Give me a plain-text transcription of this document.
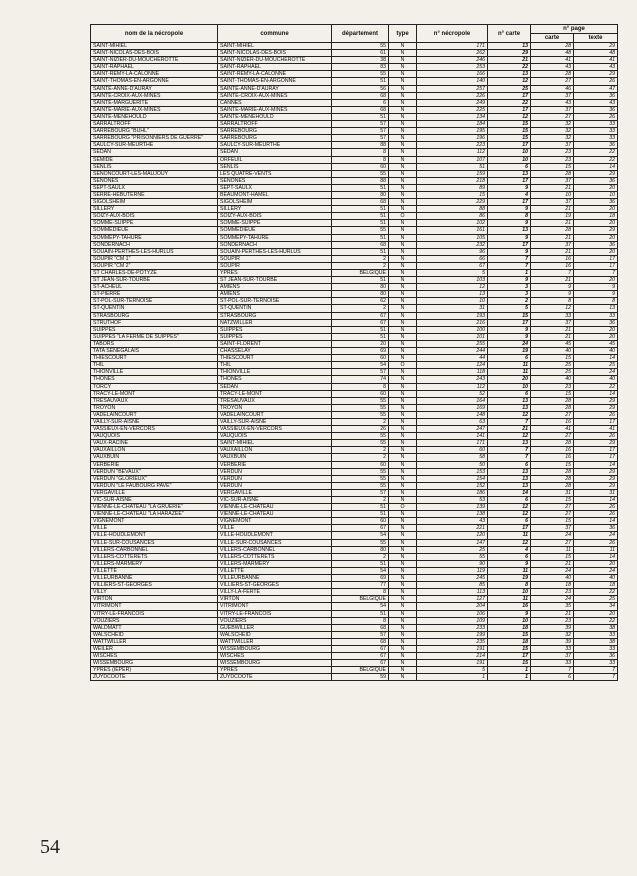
nom de la nécropole	commune	département	type	n° nécropole	n° carte	n° page	
						carte	texte
SAINT-MIHIEL	SAINT-MIHIEL	55	N	171	13	28	29
SAINT-NICOLAS-DES-BOIS	SAINT-NICOLAS-DES-BOIS	61	N	262	29	48	48
SAINT-NIZIER-DU-MOUCHEROTTE	SAINT-NIZIER-DU-MOUCHEROTTE	38	N	246	21	41	41
SAINT-RAPHAEL	SAINT-RAPHAEL	83	N	253	22	43	43
SAINT-REMY-LA-CALONNE	SAINT-REMY-LA-CALONNE	55	N	166	13	28	29
SAINT-THOMAS-EN-ARGONNE	SAINT-THOMAS-EN-ARGONNE	51	N	140	12	27	26
SAINTE-ANNE-D'AURAY	SAINTE-ANNE-D'AURAY	56	N	257	25	46	47
SAINTE-CROIX-AUX-MINES	SAINTE-CROIX-AUX-MINES	68	N	226	17	37	36
SAINTE-MARGUERITE	CANNES	6	N	249	22	43	43
SAINTE-MARIE-AUX-MINES	SAINTE-MARIE-AUX-MINES	68	N	225	17	37	36
SAINTE-MENEHOULD	SAINTE-MENEHOULD	51	N	134	12	27	26
SARRALTROFF	SARRALTROFF	57	N	184	15	32	33
SARREBOURG "BUHL"	SARREBOURG	57	N	195	15	32	33
SARREBOURG "PRISONNIERS DE GUERRE"	SARREBOURG	57	N	196	15	32	33
SAULCY-SUR-MEURTHE	SAULCY-SUR-MEURTHE	88	N	223	17	37	36
SEDAN	SEDAN	8	N	112	10	23	22
SEMIDE	ORFEUIL	8	N	107	10	23	22
SENLIS	SENLIS	60	N	51	6	15	14
SENONCOURT-LES-MAUJOUY	LES QUATRE-VENTS	55	N	159	13	28	29
SENONES	SENONES	88	N	218	17	37	36
SEPT-SAULX	SEPT-SAULX	51	N	89	9	21	20
SERRE-HEBUTERNE	BEAUMONT-HAMEL	80	N	15	4	10	10
SIGOLSHEIM	SIGOLSHEIM	68	N	229	17	37	36
SILLERY	SILLERY	51	N	88	9	21	20
SOIZY-AUX-BOIS	SOIZY-AUX-BOIS	51	O	86	8	19	18
SOMME-SUIPPE	SOMME-SUIPPE	51	N	102	9	21	20
SOMMEDIEUE	SOMMEDIEUE	55	N	161	13	28	29
SOMMEPY-TAHURE	SOMMEPY-TAHURE	51	N	105	9	21	20
SONDERNACH	SONDERNACH	68	N	232	17	37	36
SOUAIN-PERTHES-LES-HURLUS	SOUAIN-PERTHES-LES-HURLUS	51	N	96	9	21	20
SOUPIR "CM 1"	SOUPIR	2	N	66	7	16	17
SOUPIR "CM 2"	SOUPIR	2	N	67	7	16	17
ST CHARLES-DE-POTYZE	YPRES	BELGIQUE	N	5	1	7	7
ST JEAN-SUR-TOURBE	ST JEAN-SUR-TOURBE	51	N	103	9	21	20
ST-ACHEUL	AMIENS	80	N	12	3	9	9
ST-PIERRE	AMIENS	80	N	13	3	9	9
ST-POL-SUR-TERNOISE	ST-POL-SUR-TERNOISE	62	N	10	2	8	8
ST-QUENTIN	ST-QUENTIN	2	N	31	5	12	13
STRASBOURG	STRASBOURG	67	N	193	15	33	33
STRUTHOF	NATZWILLER	67	N	216	17	37	36
SUIPPES	SUIPPES	51	N	100	9	21	20
SUIPPES "LA FERME DE SUIPPES"	SUIPPES	51	N	101	9	21	20
TABORS	SAINT-FLORENT	20	N	255	24	45	45
TATA SENEGALAIS	CHASSELAY	69	N	244	19	40	40
THIESCOURT	THIESCOURT	60	N	44	6	15	14
THIL	THIL	54	O	124	11	25	25
THIONVILLE	THIONVILLE	57	N	118	11	25	24
THONES	THONES	74	N	243	20	40	40
TORCY	SEDAN	8	N	112	10	23	22
TRACY-LE-MONT	TRACY-LE-MONT	60	N	52	6	15	14
TRESAUVAUX	TRESAUVAUX	55	N	164	13	28	29
TROYON	TROYON	55	N	169	13	28	29
VADELAINCOURT	VADELAINCOURT	55	N	148	12	27	26
VAILLY-SUR-AISNE	VAILLY-SUR-AISNE	2	N	63	7	16	17
VASSIEUX-EN-VERCORS	VASSIEUX-EN-VERCORS	26	N	247	21	41	41
VAUQUOIS	VAUQUOIS	55	N	141	12	27	26
VAUX-RACINE	SAINT-MIHIEL	55	N	171	13	28	29
VAUXAILLON	VAUXAILLON	2	N	60	7	16	17
VAUXBUIN	VAUXBUIN	2	N	58	7	16	17
VERBERIE	VERBERIE	60	N	50	6	15	14
VERDUN "BEVAUX"	VERDUN	55	N	153	13	28	29
VERDUN "GLORIEUX"	VERDUN	55	N	154	13	28	29
VERDUN "LE FAUBOURG PAVE"	VERDUN	55	N	152	13	28	29
VERGAVILLE	VERGAVILLE	57	N	186	14	31	31
VIC-SUR-AISNE	VIC-SUR-AISNE	2	N	53	6	15	14
VIENNE-LE-CHATEAU "LA GRUERIE"	VIENNE-LE-CHATEAU	51	O	139	12	27	26
VIENNE-LE-CHATEAU "LA HARAZEE"	VIENNE-LE-CHATEAU	51	N	138	12	27	26
VIGNEMONT	VIGNEMONT	60	N	43	6	15	14
VILLE	VILLE	67	N	221	17	37	36
VILLE-HOUDLEMONT	VILLE-HOUDLEMONT	54	N	120	11	24	24
VILLE-SUR-COUSANCES	VILLE-SUR-COUSANCES	55	N	147	12	27	26
VILLERS-CARBONNEL	VILLERS-CARBONNEL	80	N	25	4	11	11
VILLERS-COTTERETS	VILLERS-COTTERETS	2	N	55	6	15	14
VILLERS-MARMERY	VILLERS-MARMERY	51	N	90	9	21	20
VILLETTE	VILLETTE	54	N	119	11	24	24
VILLEURBANNE	VILLEURBANNE	69	N	245	19	40	40
VILLIERS-ST-GEORGES	VILLIERS-ST-GEORGES	77	N	85	8	18	18
VILLY	VILLY-LA-FERTE	8	N	113	10	23	22
VIRTON	VIRTON	BELGIQUE	N	127	11	24	25
VITRIMONT	VITRIMONT	54	N	204	16	35	34
VITRY-LE-FRANCOIS	VITRY-LE-FRANCOIS	51	N	106	9	21	20
VOUZIERS	VOUZIERS	8	N	109	10	23	22
WALDMATT	GUEBWILLER	68	N	233	18	39	38
WALSCHEID	WALSCHEID	57	N	199	15	32	33
WATTWILLER	WATTWILLER	68	N	235	18	39	38
WEILER	WISSEMBOURG	67	N	191	15	33	33
WISCHES	WISCHES	67	N	214	17	37	36
WISSEMBOURG	WISSEMBOURG	67	N	191	15	33	33
YPRES (IEPER)	YPRES	BELGIQUE	N	5	1	7	7
ZUYDCOOTE	ZUYDCOOTE	59	N	1	1	6	7
54
